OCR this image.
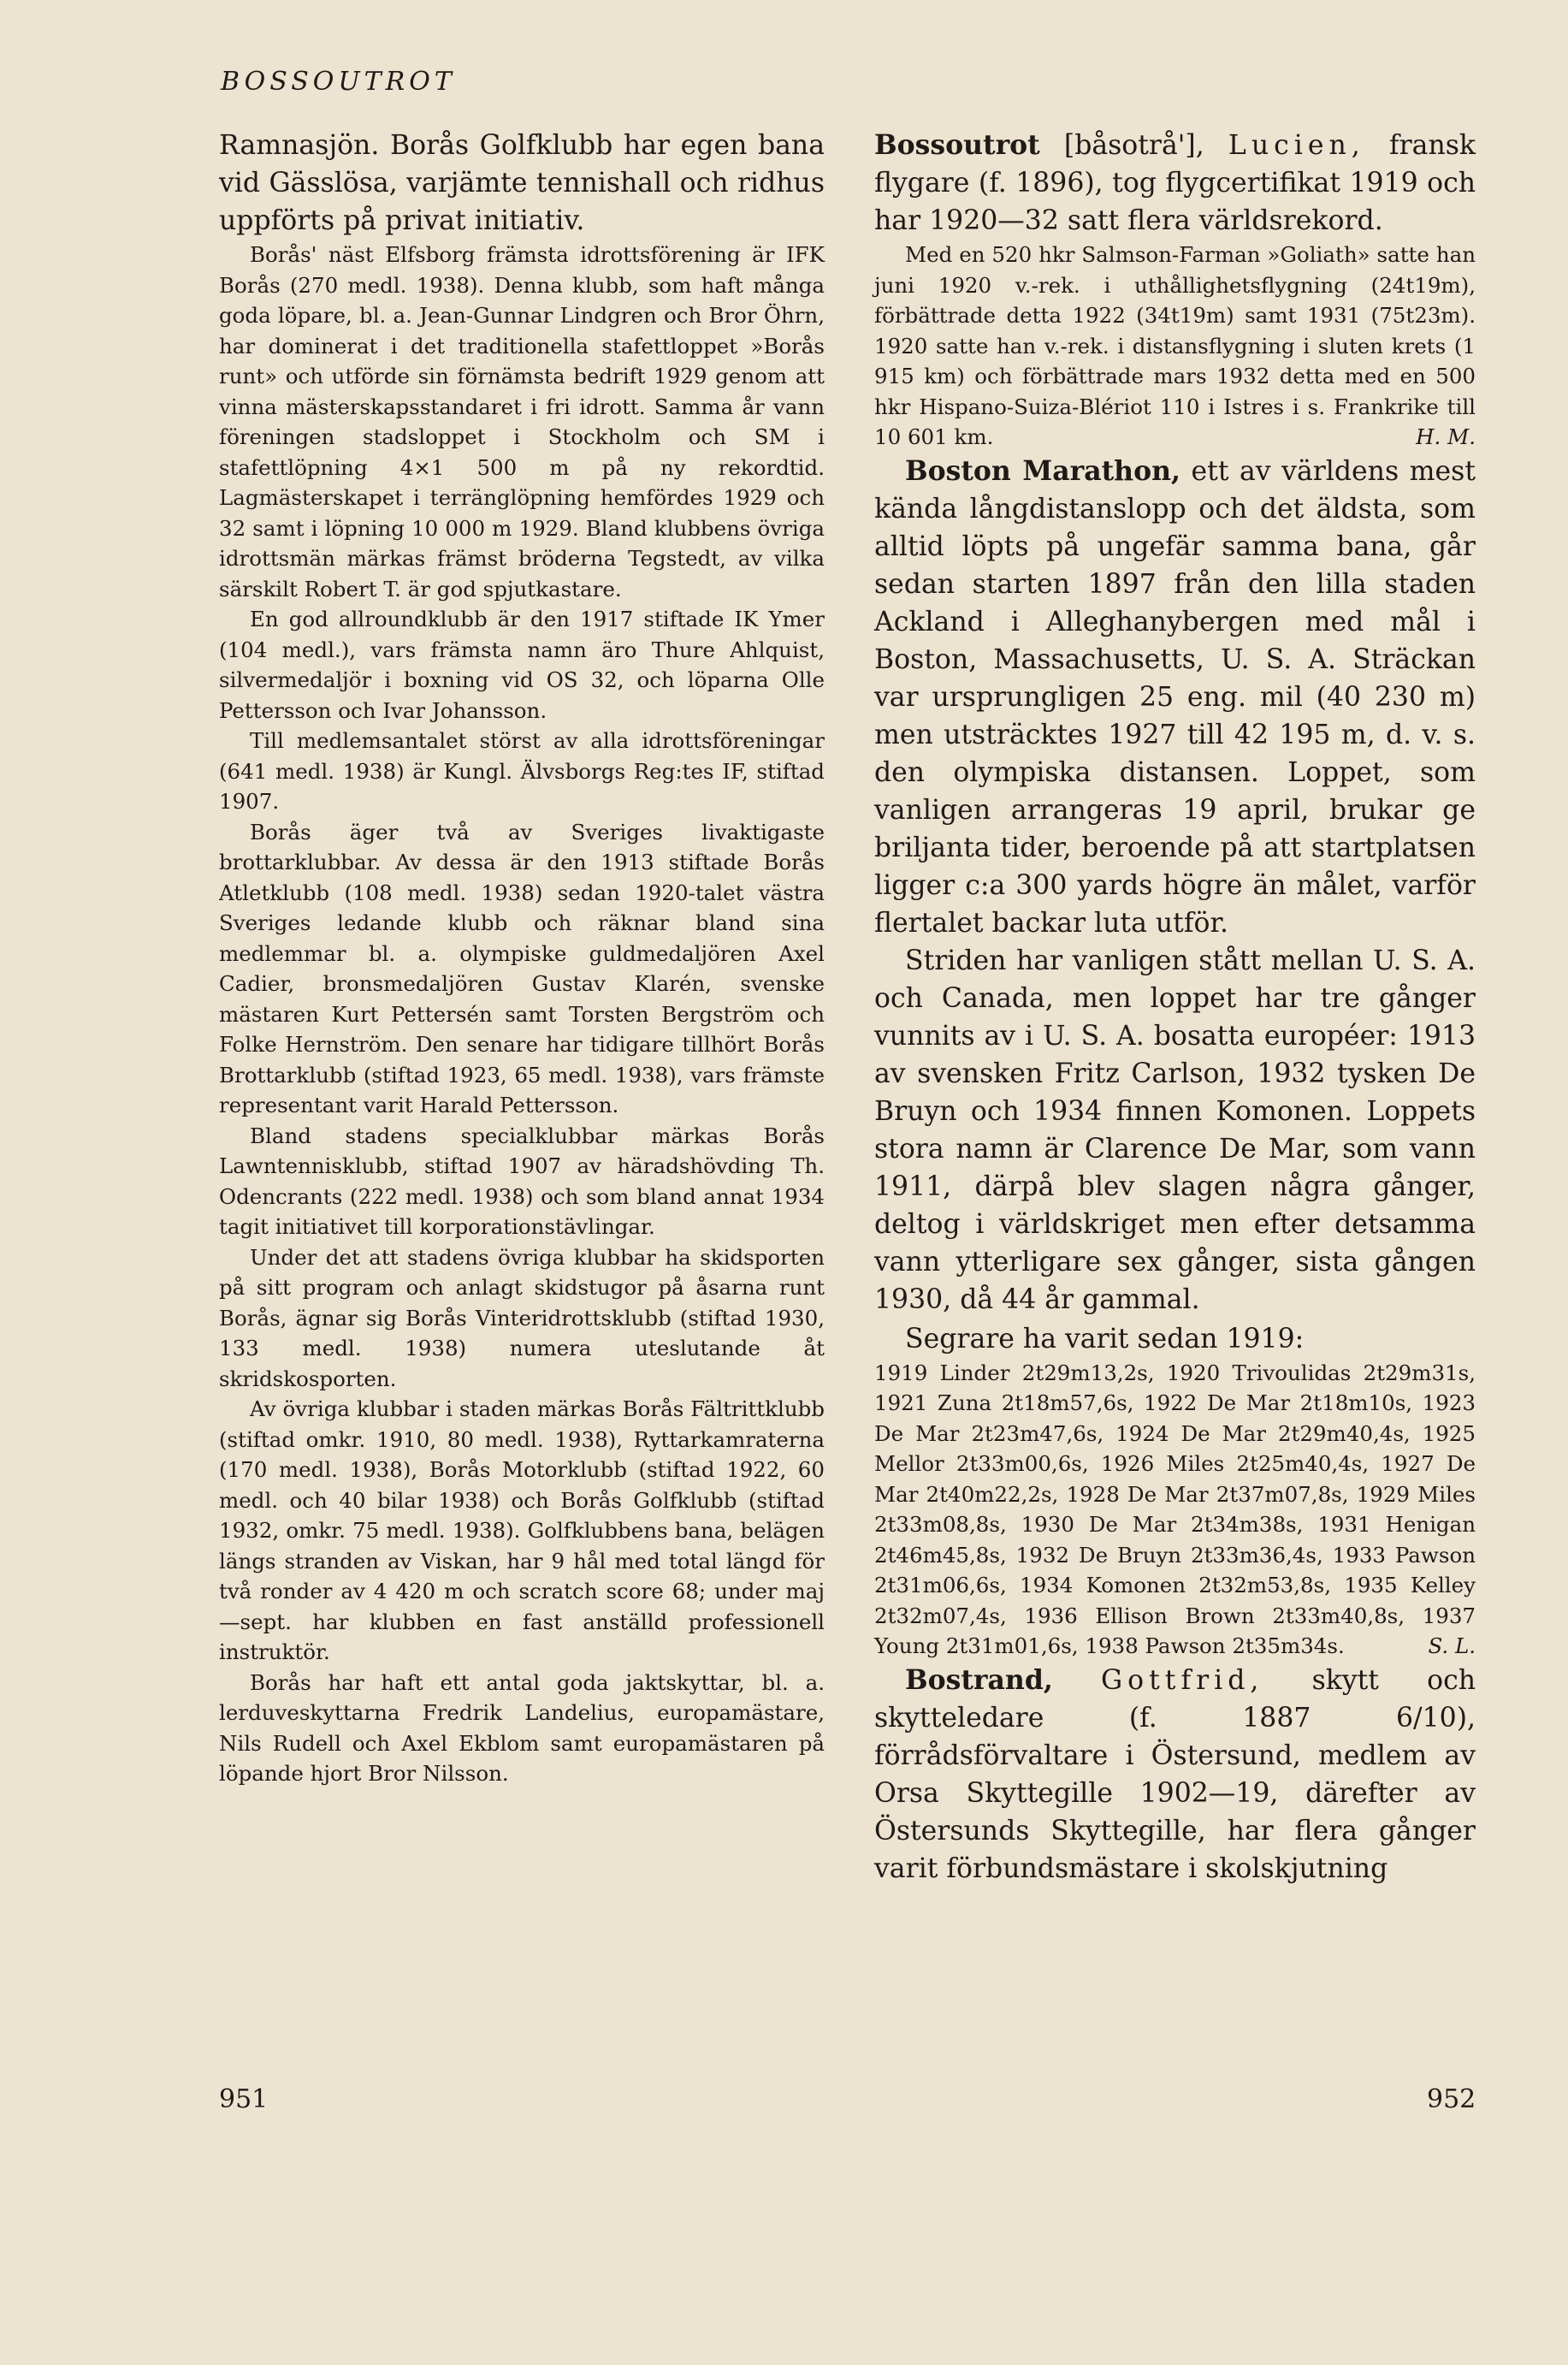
BOSSOUTROT

Ramnasjön. Borås Golfklubb har egen bana vid Gässlösa, varjämte tennishall och ridhus uppförts på privat initiativ.

Borås' näst Elfsborg främsta idrottsförening är IFK Borås (270 medl. 1938). Denna klubb, som haft många goda löpare, bl. a. Jean-Gunnar Lindgren och Bror Öhrn, har dominerat i det traditionella stafettloppet »Borås runt» och utförde sin förnämsta bedrift 1929 genom att vinna mästerskapsstandaret i fri idrott. Samma år vann föreningen stadsloppet i Stockholm och SM i stafettlöpning 4×1 500 m på ny rekordtid. Lagmästerskapet i terränglöpning hemfördes 1929 och 32 samt i löpning 10 000 m 1929. Bland klubbens övriga idrottsmän märkas främst bröderna Tegstedt, av vilka särskilt Robert T. är god spjutkastare.

En god allroundklubb är den 1917 stiftade IK Ymer (104 medl.), vars främsta namn äro Thure Ahlquist, silvermedaljör i boxning vid OS 32, och löparna Olle Pettersson och Ivar Johansson.

Till medlemsantalet störst av alla idrottsföreningar (641 medl. 1938) är Kungl. Älvsborgs Reg:tes IF, stiftad 1907.

Borås äger två av Sveriges livaktigaste brottarklubbar. Av dessa är den 1913 stiftade Borås Atletklubb (108 medl. 1938) sedan 1920-talet västra Sveriges ledande klubb och räknar bland sina medlemmar bl. a. olympiske guldmedaljören Axel Cadier, bronsmedaljören Gustav Klarén, svenske mästaren Kurt Pettersén samt Torsten Bergström och Folke Hernström. Den senare har tidigare tillhört Borås Brottarklubb (stiftad 1923, 65 medl. 1938), vars främste representant varit Harald Pettersson.

Bland stadens specialklubbar märkas Borås Lawntennisklubb, stiftad 1907 av häradshövding Th. Odencrants (222 medl. 1938) och som bland annat 1934 tagit initiativet till korporationstävlingar.

Under det att stadens övriga klubbar ha skidsporten på sitt program och anlagt skidstugor på åsarna runt Borås, ägnar sig Borås Vinteridrottsklubb (stiftad 1930, 133 medl. 1938) numera uteslutande åt skridskosporten.

Av övriga klubbar i staden märkas Borås Fältrittklubb (stiftad omkr. 1910, 80 medl. 1938), Ryttarkamraterna (170 medl. 1938), Borås Motorklubb (stiftad 1922, 60 medl. och 40 bilar 1938) och Borås Golfklubb (stiftad 1932, omkr. 75 medl. 1938). Golfklubbens bana, belägen längs stranden av Viskan, har 9 hål med total längd för två ronder av 4 420 m och scratch score 68; under maj—sept. har klubben en fast anställd professionell instruktör.

Borås har haft ett antal goda jaktskyttar, bl. a. lerduveskyttarna Fredrik Landelius, europamästare, Nils Rudell och Axel Ekblom samt europamästaren på löpande hjort Bror Nilsson.

Bossoutrot [båsotrå'], Lucien, fransk flygare (f. 1896), tog flygcertifikat 1919 och har 1920—32 satt flera världsrekord.

Med en 520 hkr Salmson-Farman »Goliath» satte han juni 1920 v.-rek. i uthållighetsflygning (24t19m), förbättrade detta 1922 (34t19m) samt 1931 (75t23m). 1920 satte han v.-rek. i distansflygning i sluten krets (1 915 km) och förbättrade mars 1932 detta med en 500 hkr Hispano-Suiza-Blériot 110 i Istres i s. Frankrike till 10 601 km.	H. M.

Boston Marathon, ett av världens mest kända långdistanslopp och det äldsta, som alltid löpts på ungefär samma bana, går sedan starten 1897 från den lilla staden Ackland i Alleghanybergen med mål i Boston, Massachusetts, U. S. A. Sträckan var ursprungligen 25 eng. mil (40 230 m) men utsträcktes 1927 till 42 195 m, d. v. s. den olympiska distansen. Loppet, som vanligen arrangeras 19 april, brukar ge briljanta tider, beroende på att startplatsen ligger c:a 300 yards högre än målet, varför flertalet backar luta utför.

Striden har vanligen stått mellan U. S. A. och Canada, men loppet har tre gånger vunnits av i U. S. A. bosatta européer: 1913 av svensken Fritz Carlson, 1932 tysken De Bruyn och 1934 finnen Komonen. Loppets stora namn är Clarence De Mar, som vann 1911, därpå blev slagen några gånger, deltog i världskriget men efter detsamma vann ytterligare sex gånger, sista gången 1930, då 44 år gammal.

Segrare ha varit sedan 1919:

1919 Linder 2t29m13,2s, 1920 Trivoulidas 2t29m31s, 1921 Zuna 2t18m57,6s, 1922 De Mar 2t18m10s, 1923 De Mar 2t23m47,6s, 1924 De Mar 2t29m40,4s, 1925 Mellor 2t33m00,6s, 1926 Miles 2t25m40,4s, 1927 De Mar 2t40m22,2s, 1928 De Mar 2t37m07,8s, 1929 Miles 2t33m08,8s, 1930 De Mar 2t34m38s, 1931 Henigan 2t46m45,8s, 1932 De Bruyn 2t33m36,4s, 1933 Pawson 2t31m06,6s, 1934 Komonen 2t32m53,8s, 1935 Kelley 2t32m07,4s, 1936 Ellison Brown 2t33m40,8s, 1937 Young 2t31m01,6s, 1938 Pawson 2t35m34s.	S. L.

Bostrand, Gottfrid, skytt och skytteledare (f. 1887 6/10), förrådsförvaltare i Östersund, medlem av Orsa Skyttegille 1902—19, därefter av Östersunds Skyttegille, har flera gånger varit förbundsmästare i skolskjutning

951	952
